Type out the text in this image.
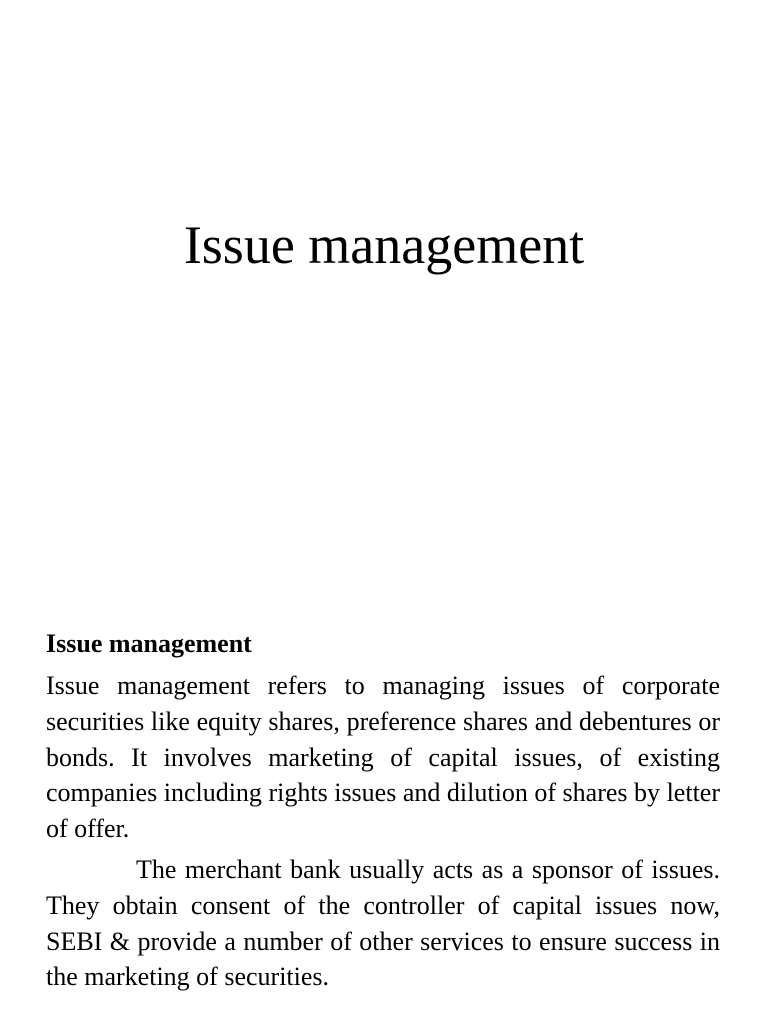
Issue management
Issue management

Issue management refers to managing issues of corporate securities like equity shares, preference shares and debentures or bonds. It involves marketing of capital issues, of existing companies including rights issues and dilution of shares by letter of offer.

The merchant bank usually acts as a sponsor of issues. They obtain consent of the controller of capital issues now, SEBI & provide a number of other services to ensure success in the marketing of securities.
